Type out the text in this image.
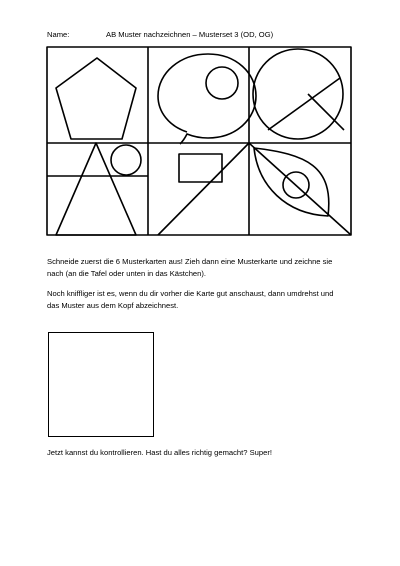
Name:	AB Muster nachzeichnen – Musterset 3 (OD, OG)

Schneide zuerst die 6 Musterkarten aus! Zieh dann eine Musterkarte und zeichne sie nach (an die Tafel oder unten in das Kästchen).

Noch kniffliger ist es, wenn du dir vorher die Karte gut anschaust, dann umdrehst und das Muster aus dem Kopf abzeichnest.

Jetzt kannst du kontrollieren. Hast du alles richtig gemacht? Super!
